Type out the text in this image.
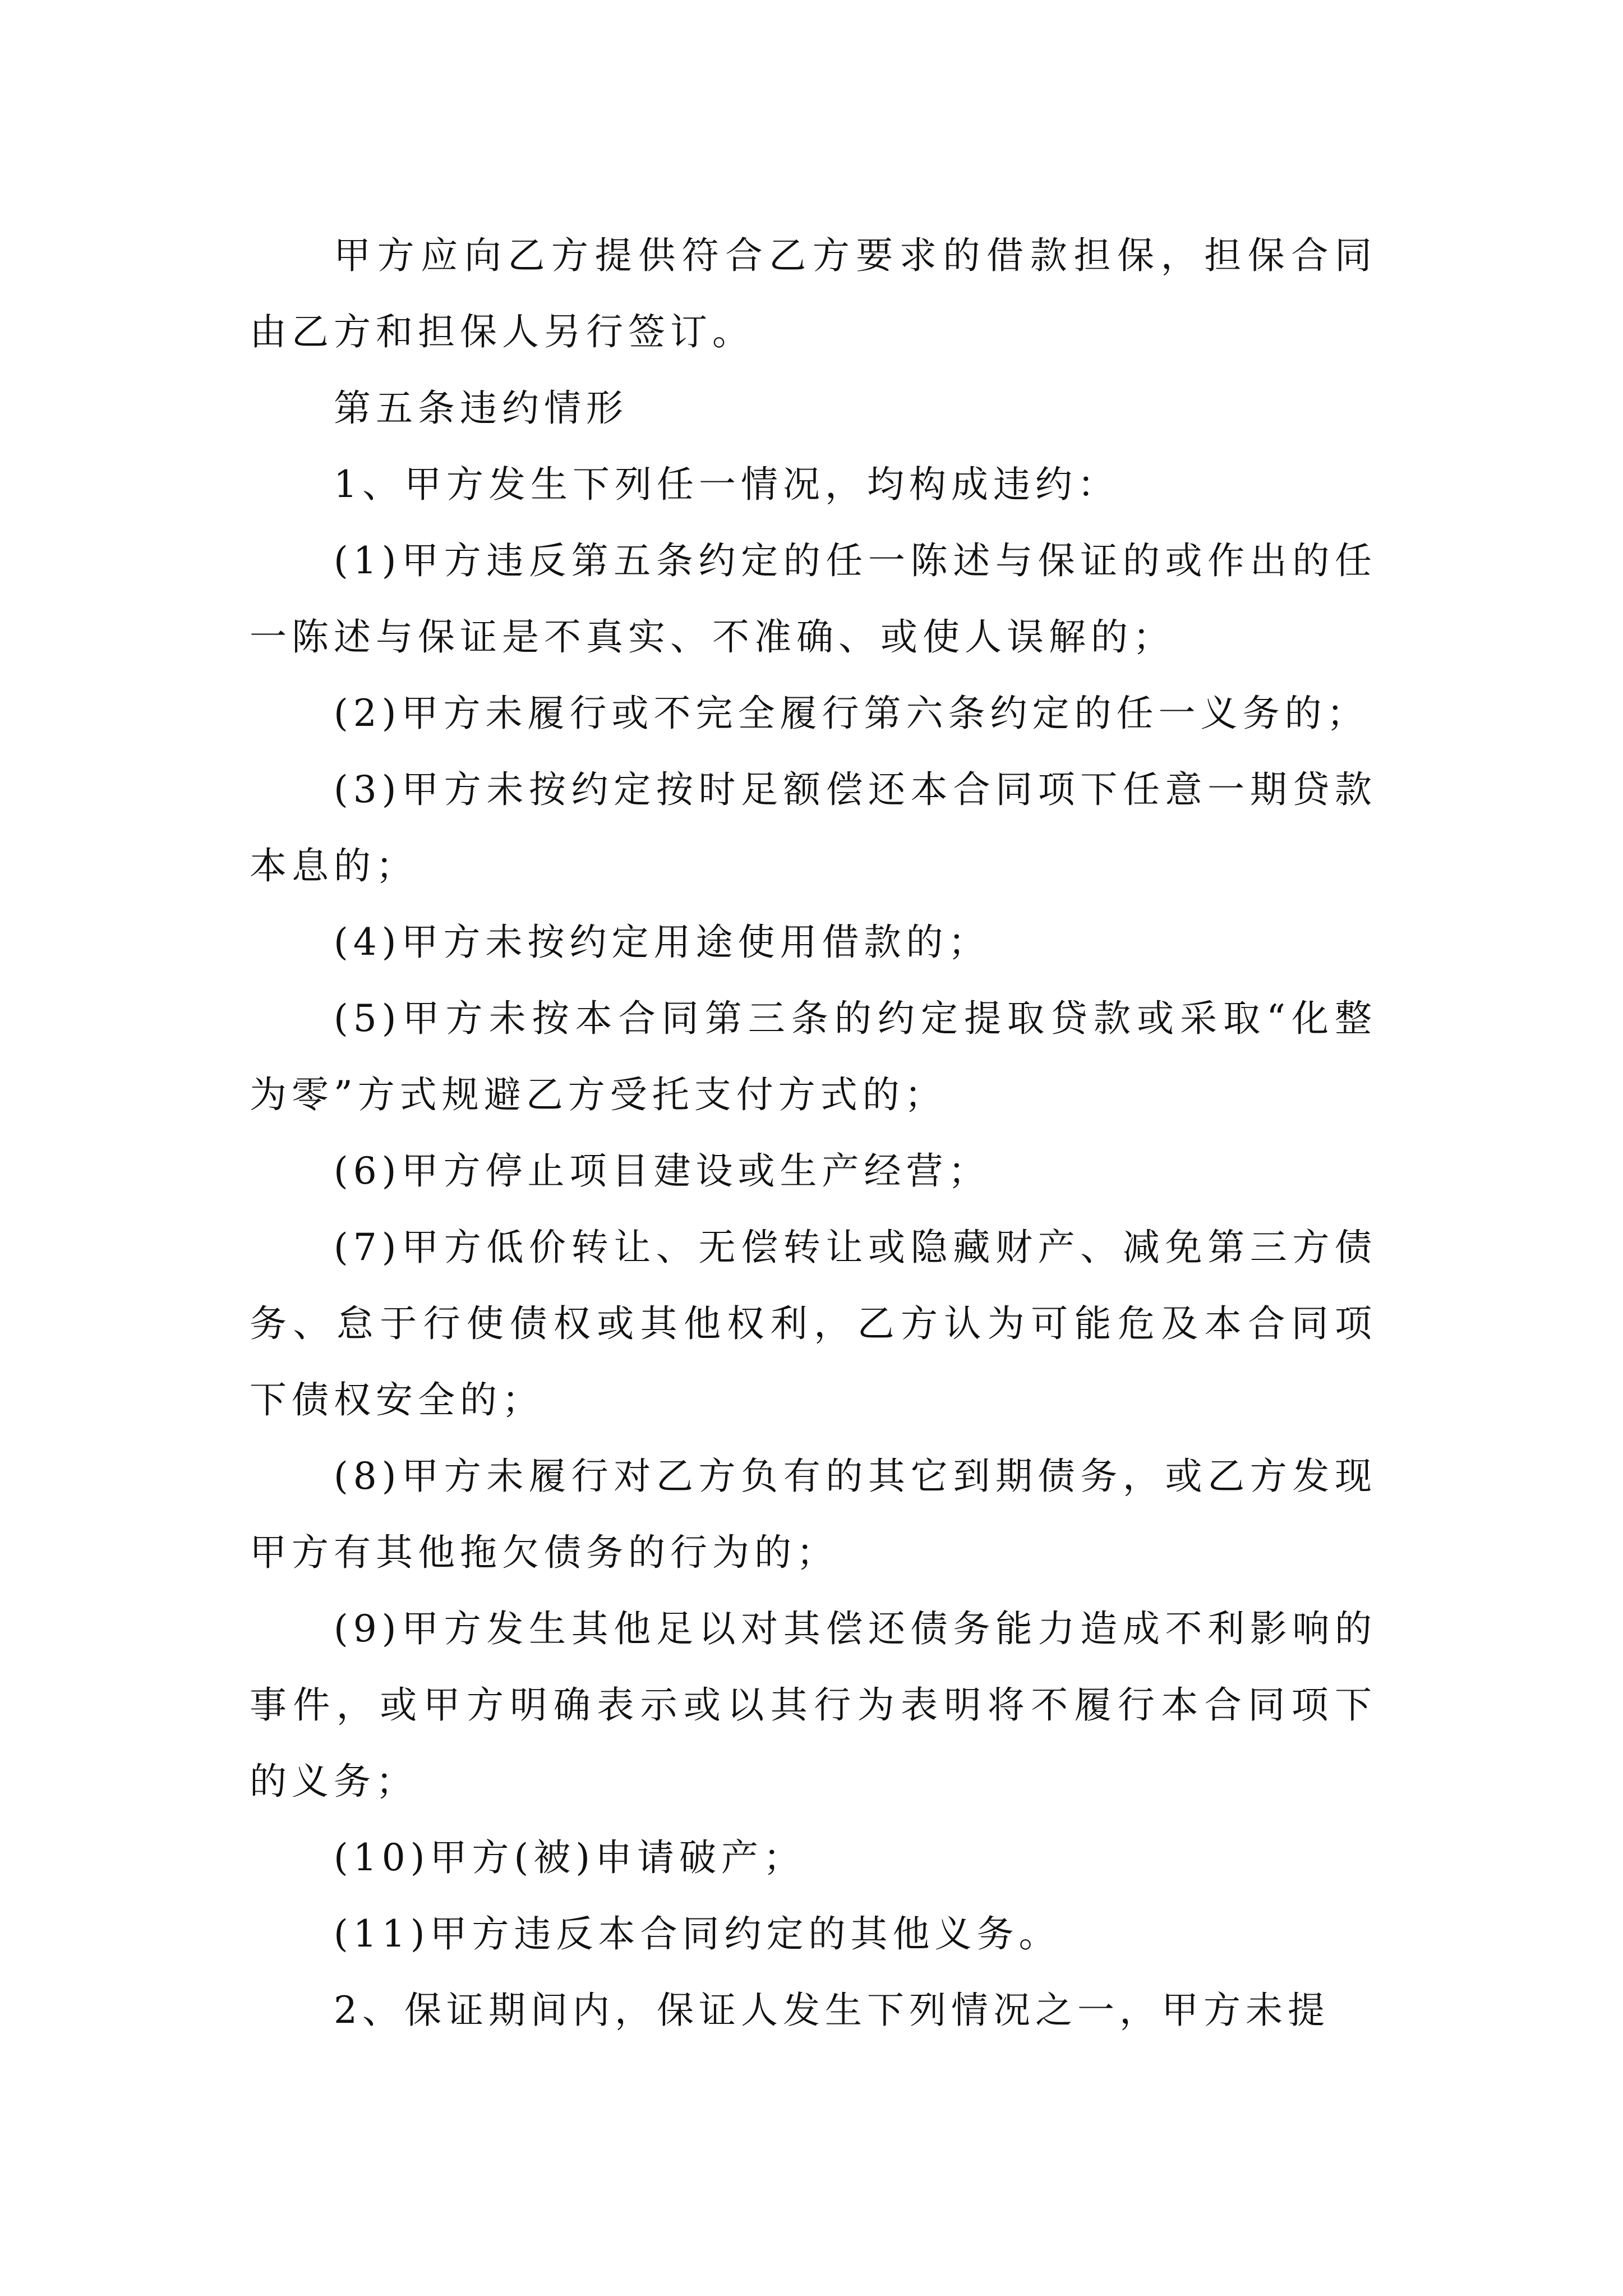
甲方应向乙方提供符合乙方要求的借款担保，担保合同由乙方和担保人另行签订。

第五条违约情形

1、甲方发生下列任一情况，均构成违约：

(1)甲方违反第五条约定的任一陈述与保证的或作出的任一陈述与保证是不真实、不准确、或使人误解的；

(2)甲方未履行或不完全履行第六条约定的任一义务的；

(3)甲方未按约定按时足额偿还本合同项下任意一期贷款本息的；

(4)甲方未按约定用途使用借款的；

(5)甲方未按本合同第三条的约定提取贷款或采取“化整为零”方式规避乙方受托支付方式的；

(6)甲方停止项目建设或生产经营；

(7)甲方低价转让、无偿转让或隐藏财产、减免第三方债务、怠于行使债权或其他权利，乙方认为可能危及本合同项下债权安全的；

(8)甲方未履行对乙方负有的其它到期债务，或乙方发现甲方有其他拖欠债务的行为的；

(9)甲方发生其他足以对其偿还债务能力造成不利影响的事件，或甲方明确表示或以其行为表明将不履行本合同项下的义务；

(10)甲方(被)申请破产；

(11)甲方违反本合同约定的其他义务。

2、保证期间内，保证人发生下列情况之一，甲方未提
